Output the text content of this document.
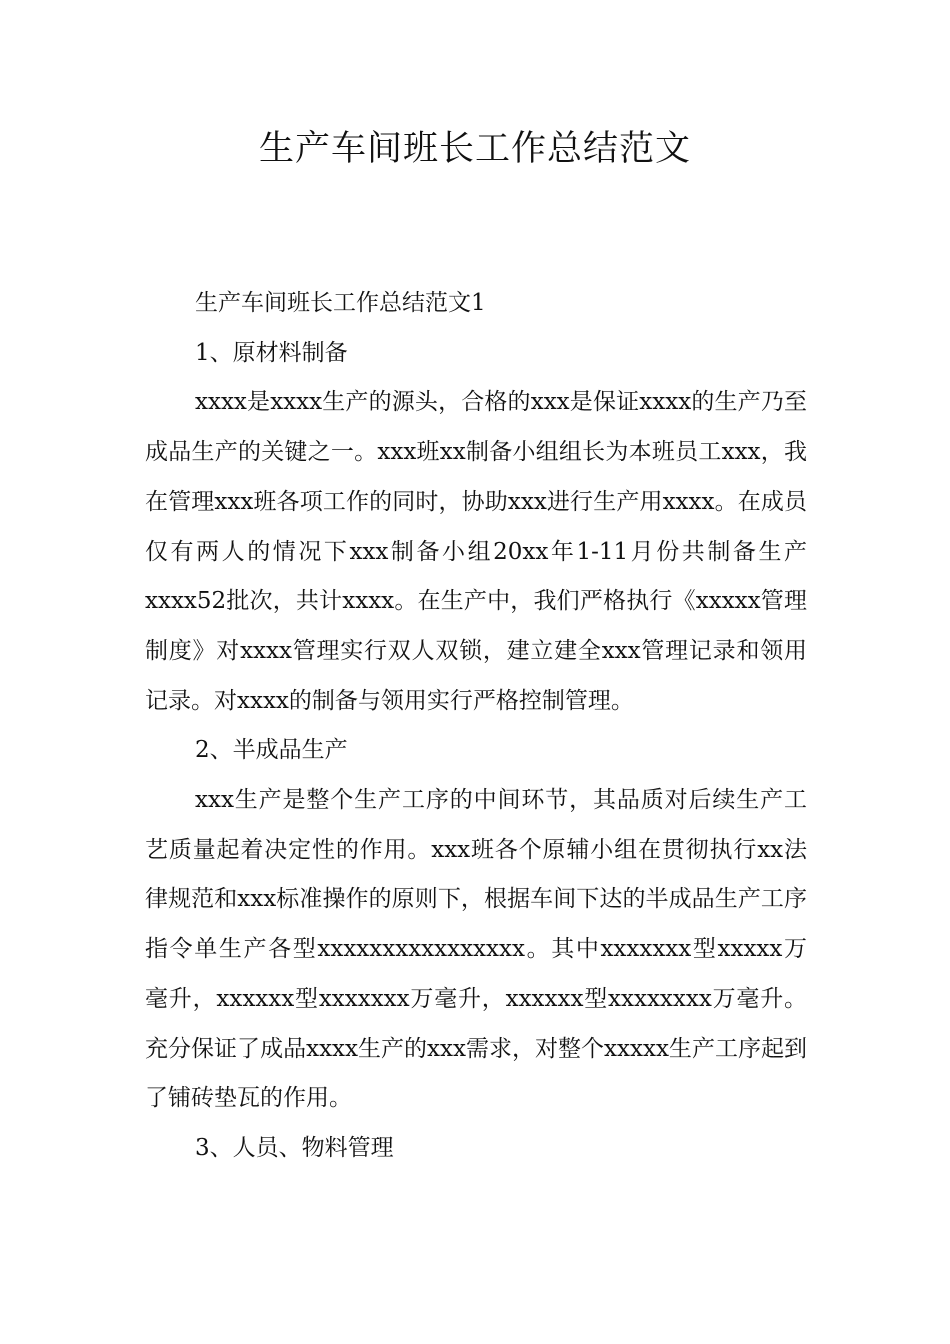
生产车间班长工作总结范文

生产车间班长工作总结范文1

1、原材料制备

xxxx是xxxx生产的源头，合格的xxx是保证xxxx的生产乃至成品生产的关键之一。xxx班xx制备小组组长为本班员工xxx，我在管理xxx班各项工作的同时，协助xxx进行生产用xxxx。在成员仅有两人的情况下xxx制备小组20xx年1-11月份共制备生产xxxx52批次，共计xxxx。在生产中，我们严格执行《xxxxx管理制度》对xxxx管理实行双人双锁，建立建全xxx管理记录和领用记录。对xxxx的制备与领用实行严格控制管理。

2、半成品生产

xxx生产是整个生产工序的中间环节，其品质对后续生产工艺质量起着决定性的作用。xxx班各个原辅小组在贯彻执行xx法律规范和xxx标准操作的原则下，根据车间下达的半成品生产工序指令单生产各型xxxxxxxxxxxxxxxx。其中xxxxxxx型xxxxx万毫升，xxxxxx型xxxxxxx万毫升，xxxxxx型xxxxxxxx万毫升。充分保证了成品xxxx生产的xxx需求，对整个xxxxx生产工序起到了铺砖垫瓦的作用。

3、人员、物料管理
